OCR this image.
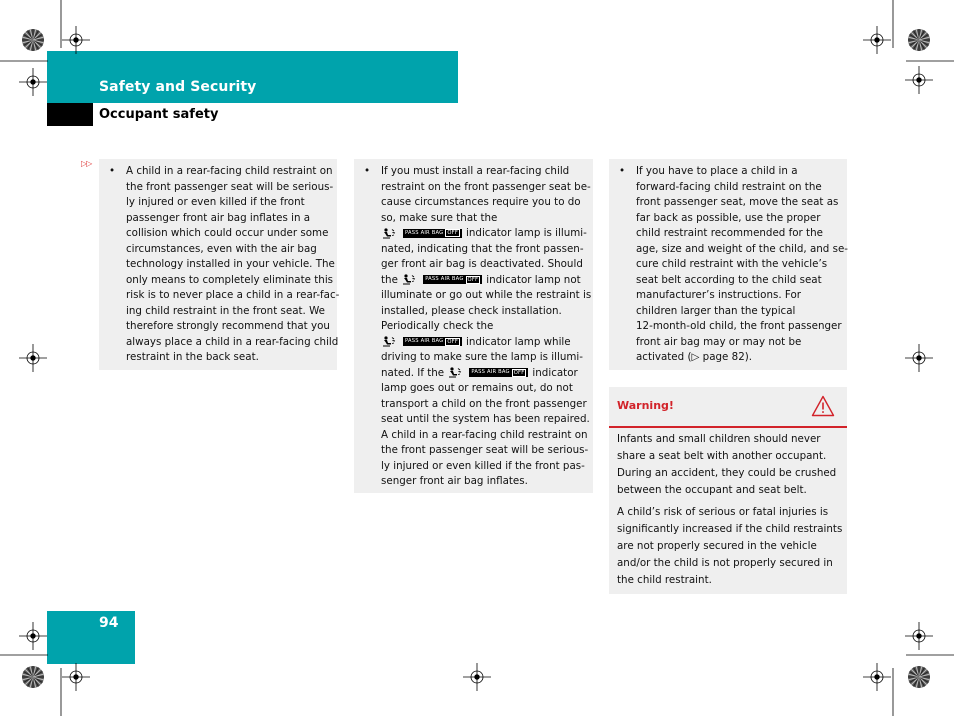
Safety and Security
Occupant safety
▷▷
•	A child in a rear-facing child restraint on
the front passenger seat will be serious-
ly injured or even killed if the front
passenger front air bag inflates in a
collision which could occur under some
circumstances, even with the air bag
technology installed in your vehicle. The
only means to completely eliminate this
risk is to never place a child in a rear-fac-
ing child restraint in the front seat. We
therefore strongly recommend that you
always place a child in a rear-facing child
restraint in the back seat.
•	If you must install a rear-facing child
restraint on the front passenger seat be-
cause circumstances require you to do
so, make sure that the
PASS AIR BAG OFF indicator lamp is illumi-
nated, indicating that the front passen-
ger front air bag is deactivated. Should
the	PASS AIR BAG OFF indicator lamp not
illuminate or go out while the restraint is
installed, please check installation.
Periodically check the
PASS AIR BAG OFF indicator lamp while
driving to make sure the lamp is illumi-
nated. If the	PASS AIR BAG OFF indicator
lamp goes out or remains out, do not
transport a child on the front passenger
seat until the system has been repaired.
A child in a rear-facing child restraint on
the front passenger seat will be serious-
ly injured or even killed if the front pas-
senger front air bag inflates.
•	If you have to place a child in a
forward-facing child restraint on the
front passenger seat, move the seat as
far back as possible, use the proper
child restraint recommended for the
age, size and weight of the child, and se-
cure child restraint with the vehicle’s
seat belt according to the child seat
manufacturer’s instructions. For
children larger than the typical
12-month-old child, the front passenger
front air bag may or may not be
activated (▷ page 82).
Warning!
Infants and small children should never
share a seat belt with another occupant.
During an accident, they could be crushed
between the occupant and seat belt.
A child’s risk of serious or fatal injuries is
significantly increased if the child restraints
are not properly secured in the vehicle
and/or the child is not properly secured in
the child restraint.
94
